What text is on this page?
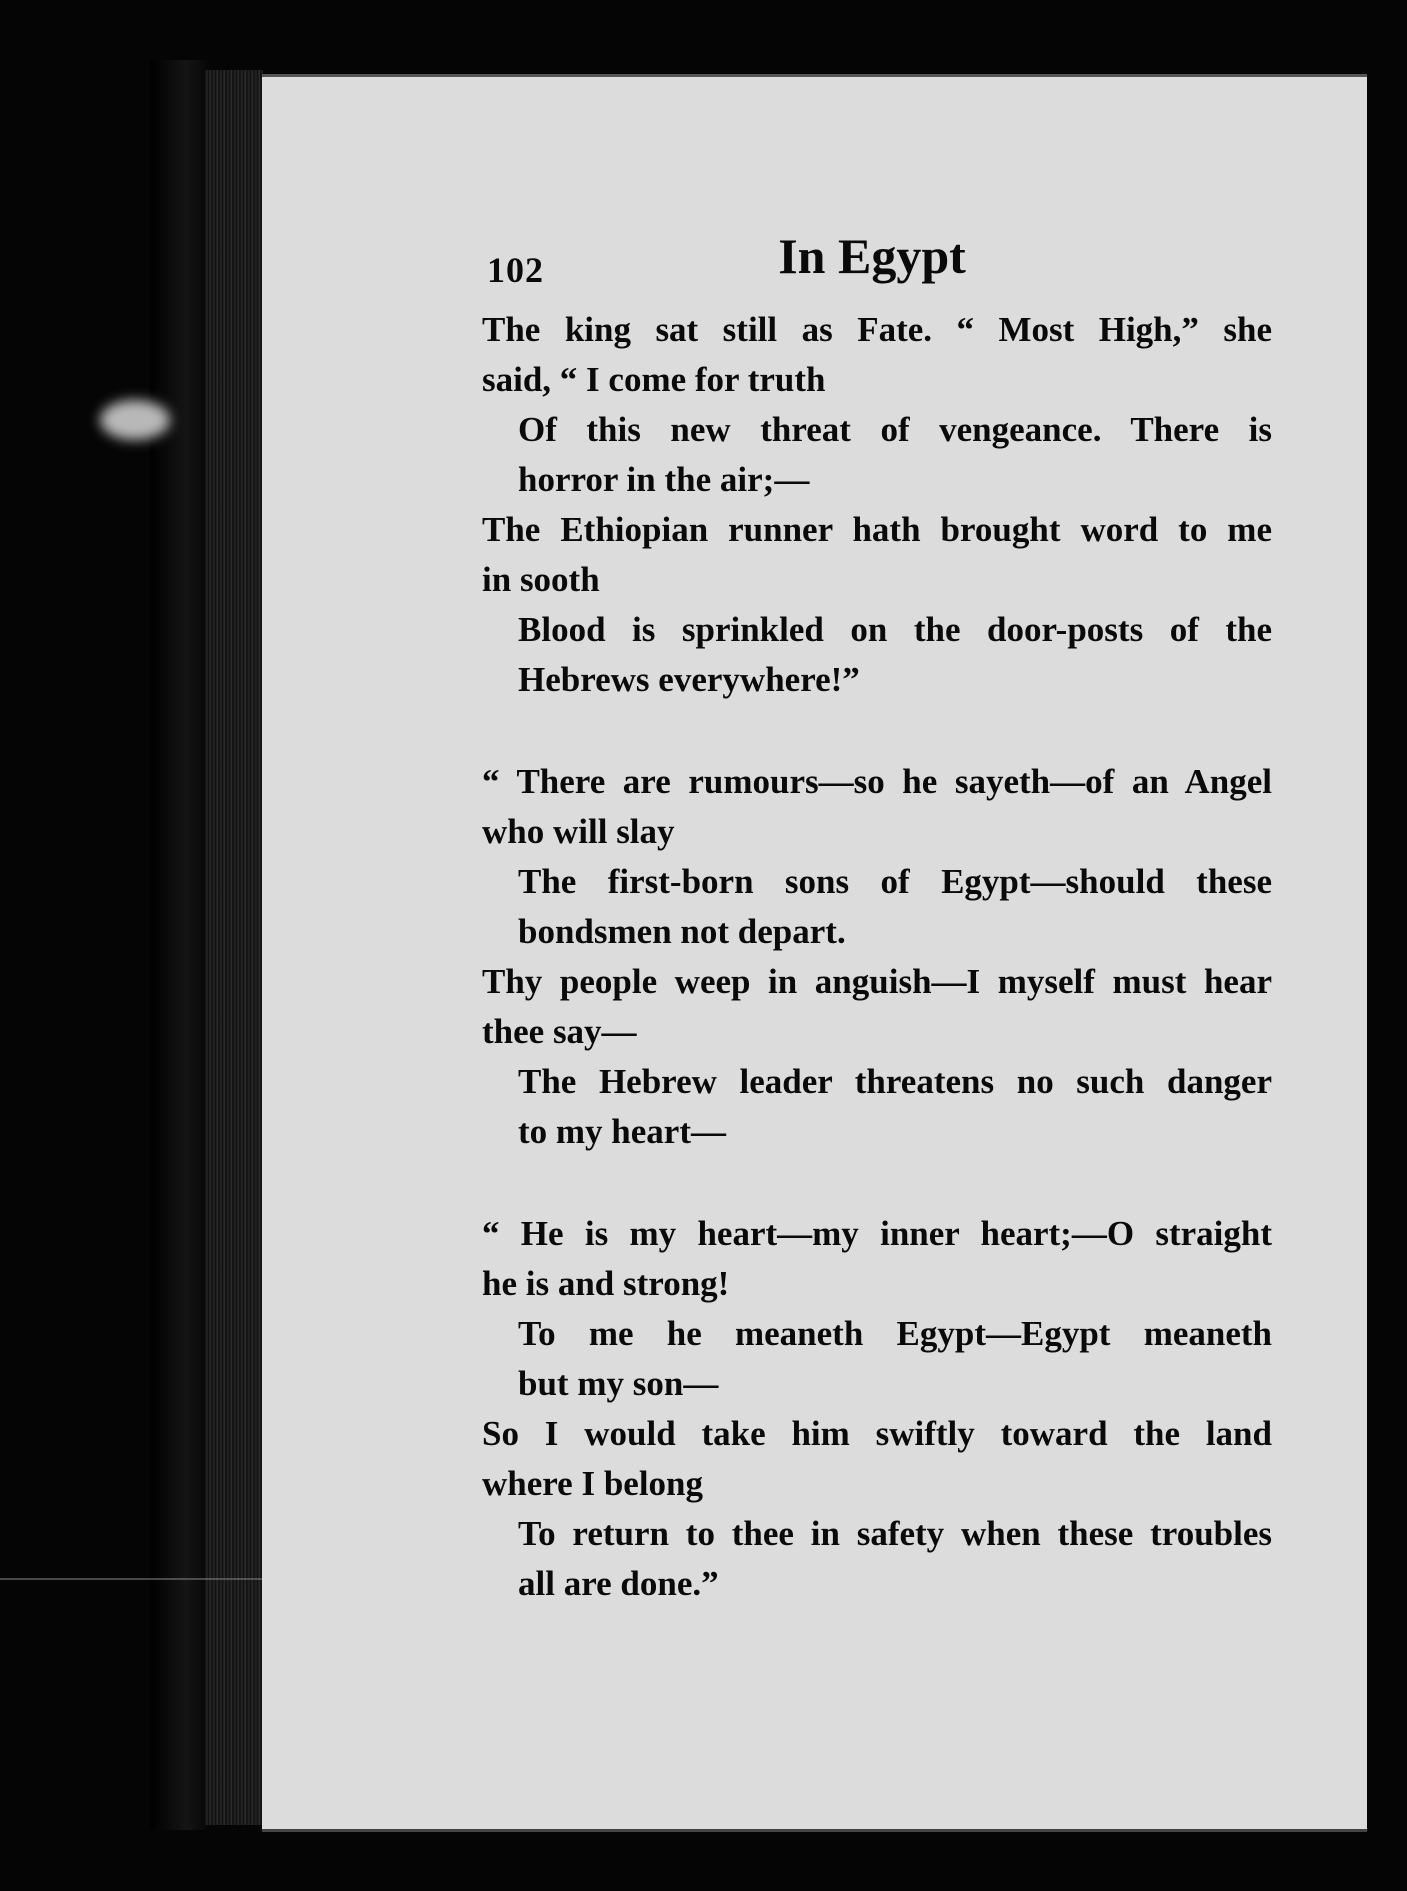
102	In Egypt
The king sat still as Fate. “ Most High,” she
said, “ I come for truth
Of this new threat of vengeance. There is
horror in the air;—
The Ethiopian runner hath brought word to me
in sooth
Blood is sprinkled on the door-posts of the
Hebrews everywhere!”
“ There are rumours—so he sayeth—of an Angel
who will slay
The first-born sons of Egypt—should these
bondsmen not depart.
Thy people weep in anguish—I myself must hear
thee say—
The Hebrew leader threatens no such danger
to my heart—
“ He is my heart—my inner heart;—O straight
he is and strong!
To me he meaneth Egypt—Egypt meaneth
but my son—
So I would take him swiftly toward the land
where I belong
To return to thee in safety when these troubles
all are done.”
